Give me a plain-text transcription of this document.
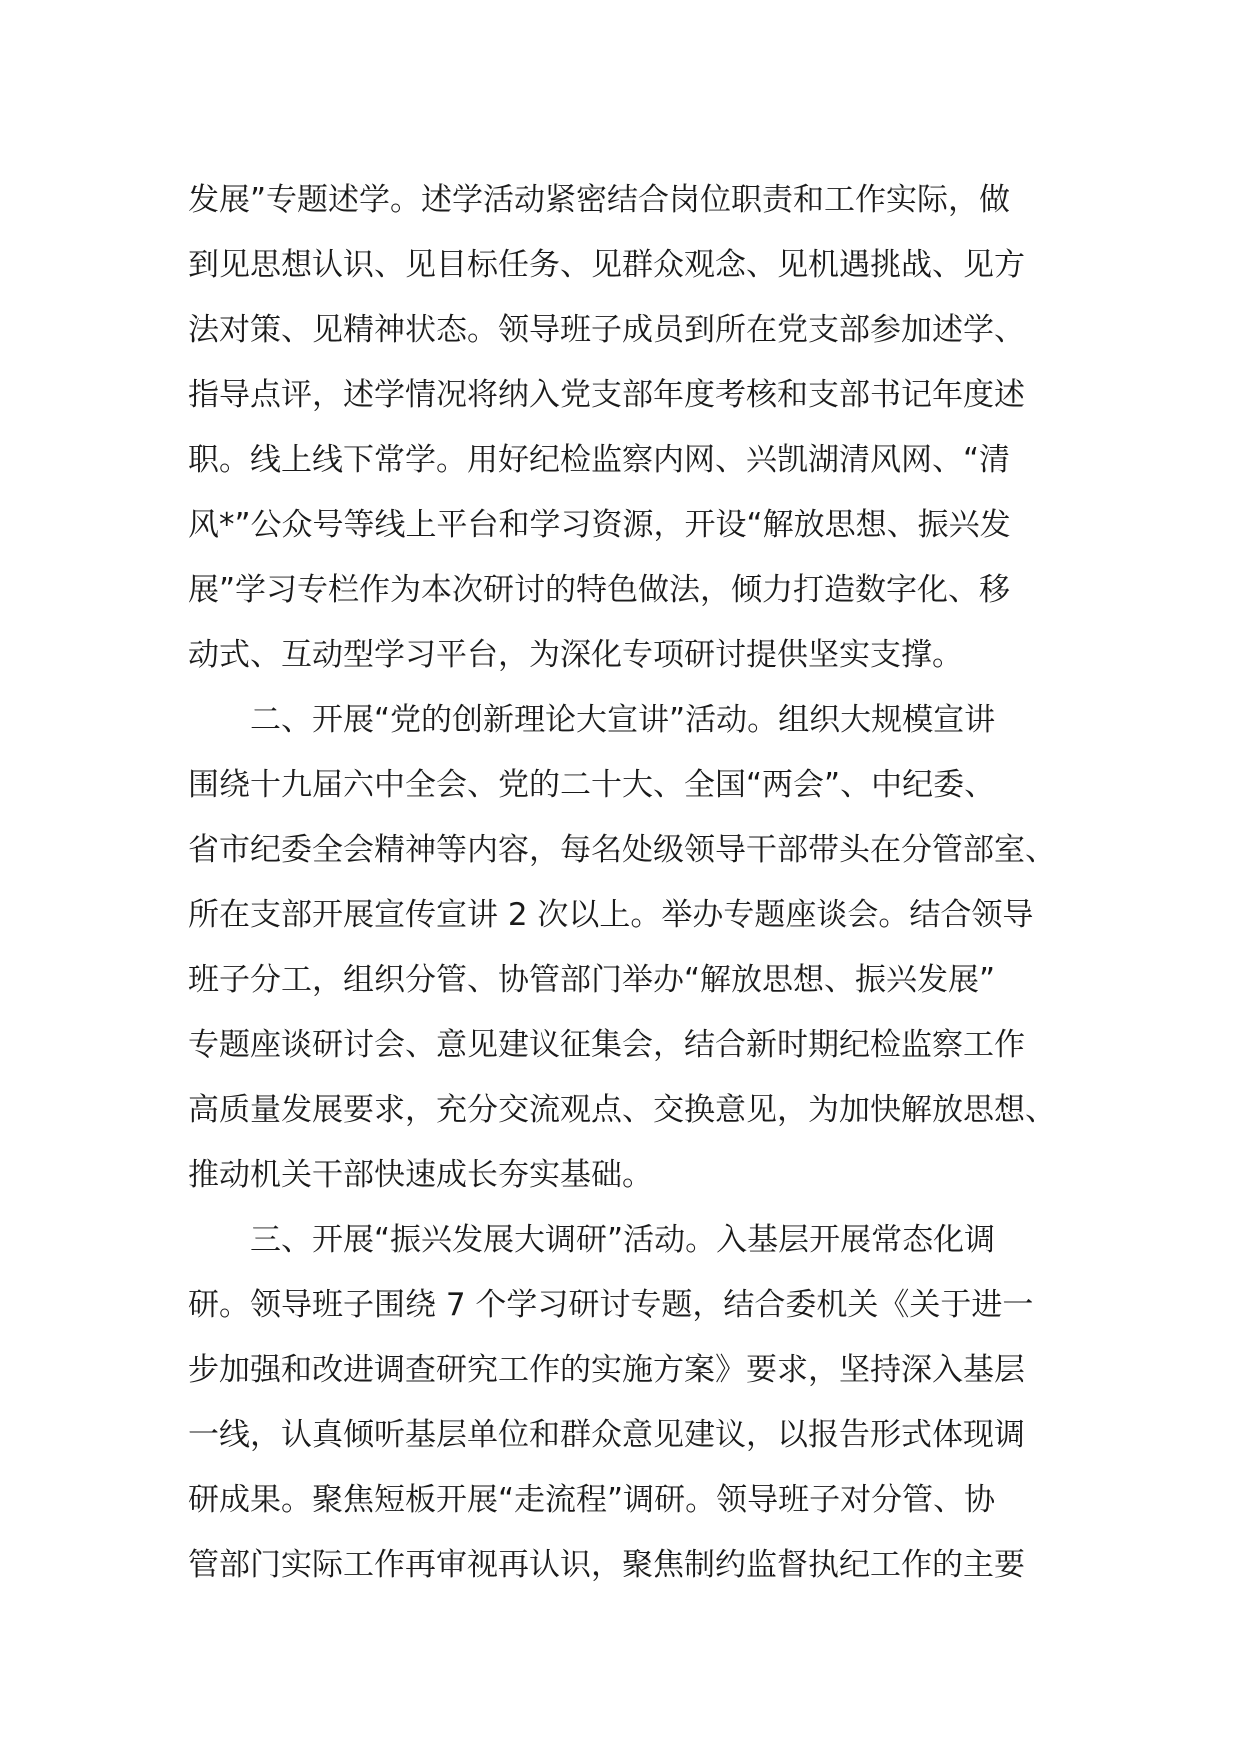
发展”专题述学。述学活动紧密结合岗位职责和工作实际，做
到见思想认识、见目标任务、见群众观念、见机遇挑战、见方
法对策、见精神状态。领导班子成员到所在党支部参加述学、
指导点评，述学情况将纳入党支部年度考核和支部书记年度述
职。线上线下常学。用好纪检监察内网、兴凯湖清风网、“清
风*”公众号等线上平台和学习资源，开设“解放思想、振兴发
展”学习专栏作为本次研讨的特色做法，倾力打造数字化、移
动式、互动型学习平台，为深化专项研讨提供坚实支撑。
二、开展“党的创新理论大宣讲”活动。组织大规模宣讲
围绕十九届六中全会、党的二十大、全国“两会”、中纪委、
省市纪委全会精神等内容，每名处级领导干部带头在分管部室、
所在支部开展宣传宣讲 2 次以上。举办专题座谈会。结合领导
班子分工，组织分管、协管部门举办“解放思想、振兴发展”
专题座谈研讨会、意见建议征集会，结合新时期纪检监察工作
高质量发展要求，充分交流观点、交换意见，为加快解放思想、
推动机关干部快速成长夯实基础。
三、开展“振兴发展大调研”活动。入基层开展常态化调
研。领导班子围绕 7 个学习研讨专题，结合委机关《关于进一
步加强和改进调查研究工作的实施方案》要求，坚持深入基层
一线，认真倾听基层单位和群众意见建议，以报告形式体现调
研成果。聚焦短板开展“走流程”调研。领导班子对分管、协
管部门实际工作再审视再认识，聚焦制约监督执纪工作的主要
